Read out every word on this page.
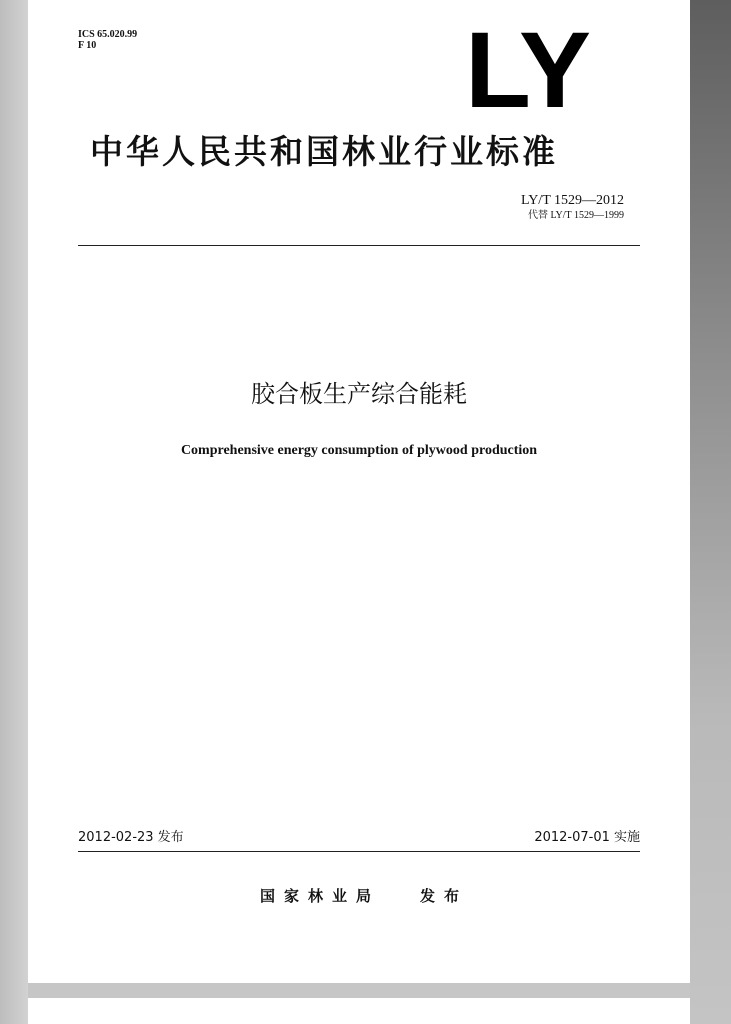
ICS 65.020.99
F 10	LY
中华人民共和国林业行业标准
LY/T 1529—2012
代替 LY/T 1529—1999
胶合板生产综合能耗
Comprehensive energy consumption of plywood production
2012-02-23 发布	2012-07-01 实施
国家林业局	发布
